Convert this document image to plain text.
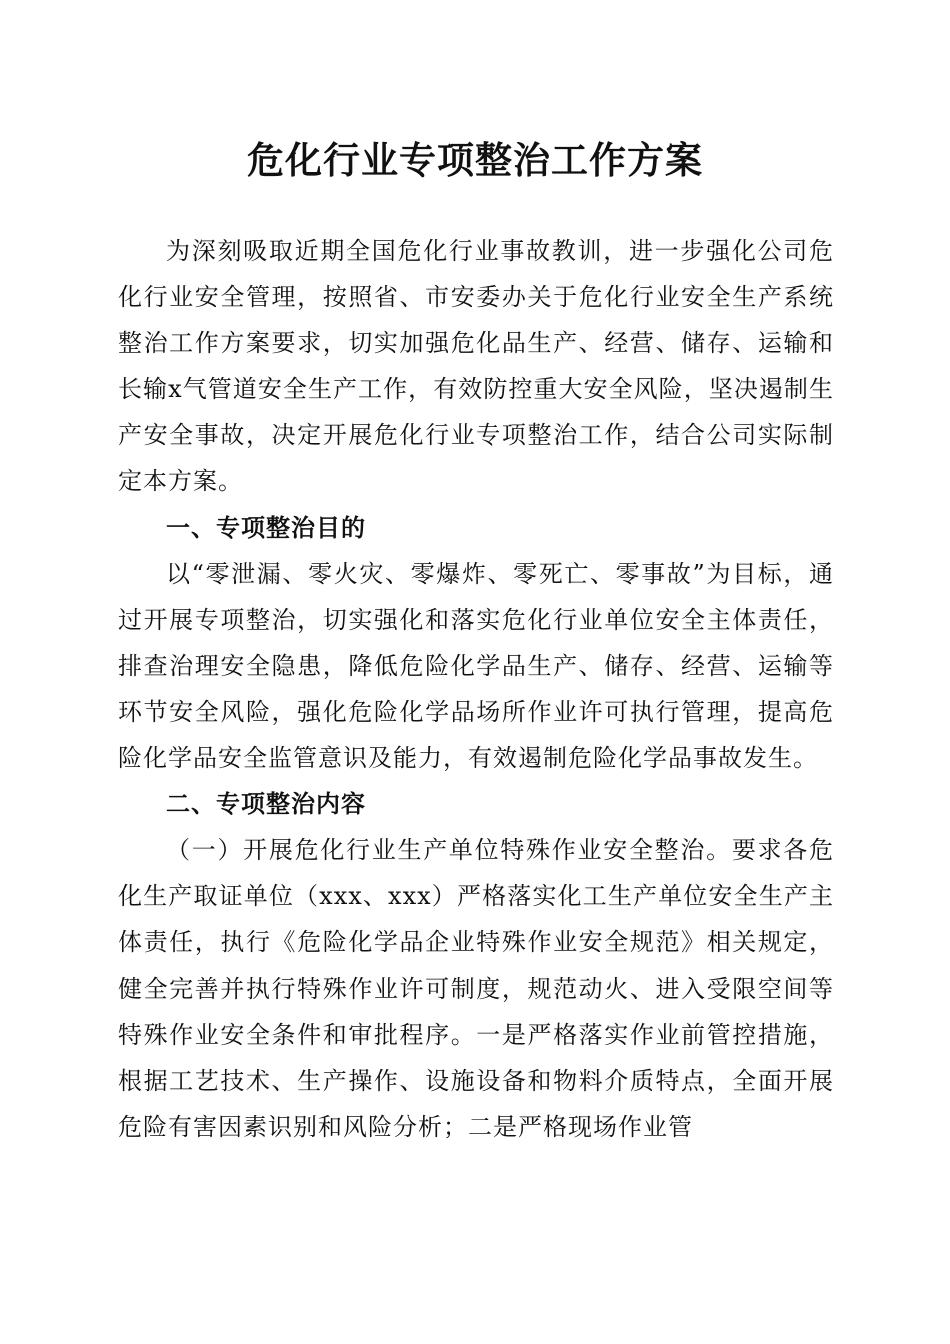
危化行业专项整治工作方案

为深刻吸取近期全国危化行业事故教训，进一步强化公司危化行业安全管理，按照省、市安委办关于危化行业安全生产系统整治工作方案要求，切实加强危化品生产、经营、储存、运输和长输x气管道安全生产工作，有效防控重大安全风险，坚决遏制生产安全事故，决定开展危化行业专项整治工作，结合公司实际制定本方案。

一、专项整治目的

以“零泄漏、零火灾、零爆炸、零死亡、零事故”为目标，通过开展专项整治，切实强化和落实危化行业单位安全主体责任，排查治理安全隐患，降低危险化学品生产、储存、经营、运输等环节安全风险，强化危险化学品场所作业许可执行管理，提高危险化学品安全监管意识及能力，有效遏制危险化学品事故发生。

二、专项整治内容

（一）开展危化行业生产单位特殊作业安全整治。要求各危化生产取证单位（xxx、xxx）严格落实化工生产单位安全生产主体责任，执行《危险化学品企业特殊作业安全规范》相关规定，健全完善并执行特殊作业许可制度，规范动火、进入受限空间等特殊作业安全条件和审批程序。一是严格落实作业前管控措施，根据工艺技术、生产操作、设施设备和物料介质特点，全面开展危险有害因素识别和风险分析；二是严格现场作业管
